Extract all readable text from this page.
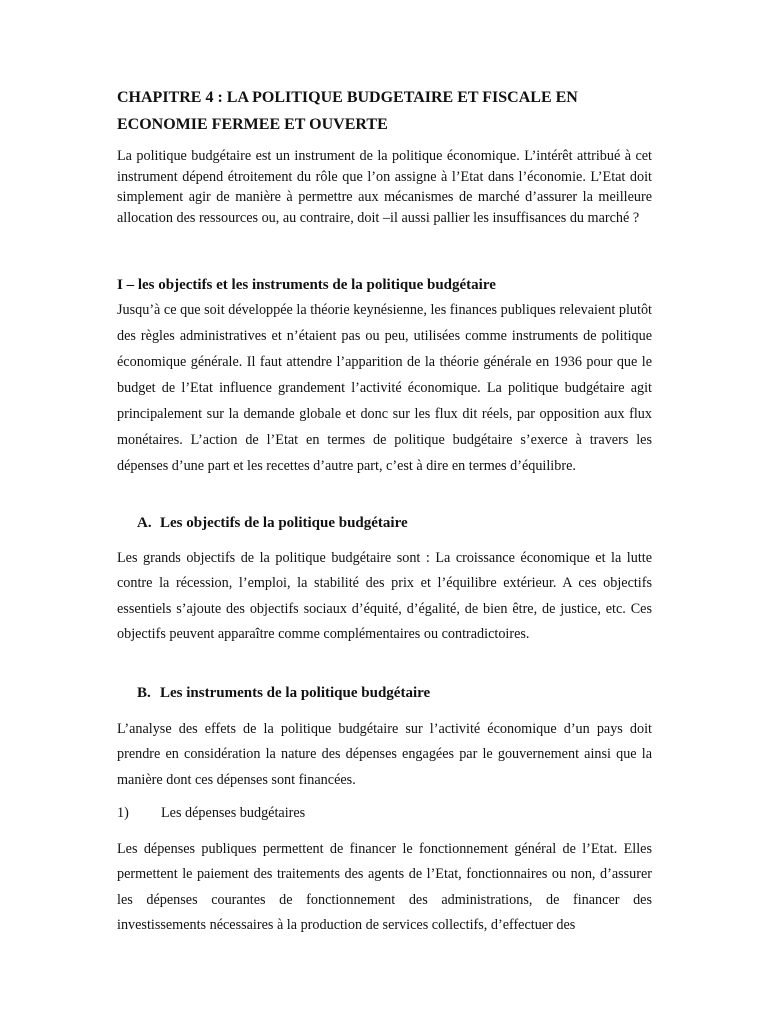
CHAPITRE 4 : LA POLITIQUE BUDGETAIRE ET FISCALE EN ECONOMIE FERMEE ET OUVERTE

La politique budgétaire est un instrument de la politique économique. L’intérêt attribué à cet instrument dépend étroitement du rôle que l’on assigne à l’Etat dans l’économie. L’Etat doit simplement agir de manière à permettre aux mécanismes de marché d’assurer la meilleure allocation des ressources ou, au contraire, doit –il aussi pallier les insuffisances du marché ?

I – les objectifs et les instruments de la politique budgétaire

Jusqu’à ce que soit développée la théorie keynésienne, les finances publiques relevaient plutôt des règles administratives et n’étaient pas ou peu, utilisées comme instruments de politique économique générale. Il faut attendre l’apparition de la théorie générale en 1936 pour que le budget de l’Etat influence grandement l’activité économique. La politique budgétaire agit principalement sur la demande globale et donc sur les flux dit réels, par opposition aux flux monétaires. L’action de l’Etat en termes de politique budgétaire s’exerce à travers les dépenses d’une part et les recettes d’autre part, c’est à dire en termes d’équilibre.

A. Les objectifs de la politique budgétaire

Les grands objectifs de la politique budgétaire sont : La croissance économique et la lutte contre la récession, l’emploi, la stabilité des prix et l’équilibre extérieur. A ces objectifs essentiels s’ajoute des objectifs sociaux d’équité, d’égalité, de bien être, de justice, etc. Ces objectifs peuvent apparaître comme complémentaires ou contradictoires.

B. Les instruments de la politique budgétaire

L’analyse des effets de la politique budgétaire sur l’activité économique d’un pays doit prendre en considération la nature des dépenses engagées par le gouvernement ainsi que la manière dont ces dépenses sont financées.

1) Les dépenses budgétaires

Les dépenses publiques permettent de financer le fonctionnement général de l’Etat. Elles permettent le paiement des traitements des agents de l’Etat, fonctionnaires ou non, d’assurer les dépenses courantes de fonctionnement des administrations, de financer des investissements nécessaires à la production de services collectifs, d’effectuer des
